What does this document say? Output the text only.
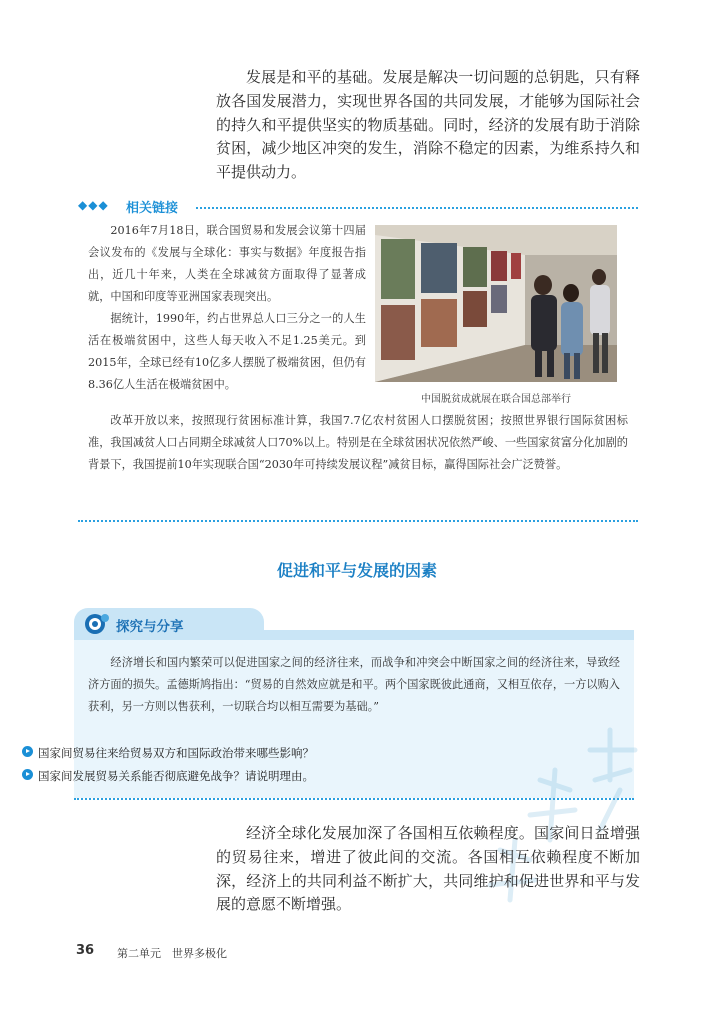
发展是和平的基础。发展是解决一切问题的总钥匙，只有释放各国发展潜力，实现世界各国的共同发展，才能够为国际社会的持久和平提供坚实的物质基础。同时，经济的发展有助于消除贫困，减少地区冲突的发生，消除不稳定的因素，为维系持久和平提供动力。

◆◆◆ 相关链接

2016年7月18日，联合国贸易和发展会议第十四届会议发布的《发展与全球化：事实与数据》年度报告指出，近几十年来，人类在全球减贫方面取得了显著成就，中国和印度等亚洲国家表现突出。

据统计，1990年，约占世界总人口三分之一的人生活在极端贫困中，这些人每天收入不足1.25美元。到2015年，全球已经有10亿多人摆脱了极端贫困，但仍有8.36亿人生活在极端贫困中。

中国脱贫成就展在联合国总部举行

改革开放以来，按照现行贫困标准计算，我国7.7亿农村贫困人口摆脱贫困；按照世界银行国际贫困标准，我国减贫人口占同期全球减贫人口70%以上。特别是在全球贫困状况依然严峻、一些国家贫富分化加剧的背景下，我国提前10年实现联合国“2030年可持续发展议程”减贫目标，赢得国际社会广泛赞誉。

促进和平与发展的因素
探究与分享

经济增长和国内繁荣可以促进国家之间的经济往来，而战争和冲突会中断国家之间的经济往来，导致经济方面的损失。孟德斯鸠指出：“贸易的自然效应就是和平。两个国家既彼此通商，又相互依存，一方以购入获利，另一方则以售获利，一切联合均以相互需要为基础。”

国家间贸易往来给贸易双方和国际政治带来哪些影响？
国家间发展贸易关系能否彻底避免战争？请说明理由。

经济全球化发展加深了各国相互依赖程度。国家间日益增强的贸易往来，增进了彼此间的交流。各国相互依赖程度不断加深，经济上的共同利益不断扩大，共同维护和促进世界和平与发展的意愿不断增强。

36 第二单元　世界多极化
